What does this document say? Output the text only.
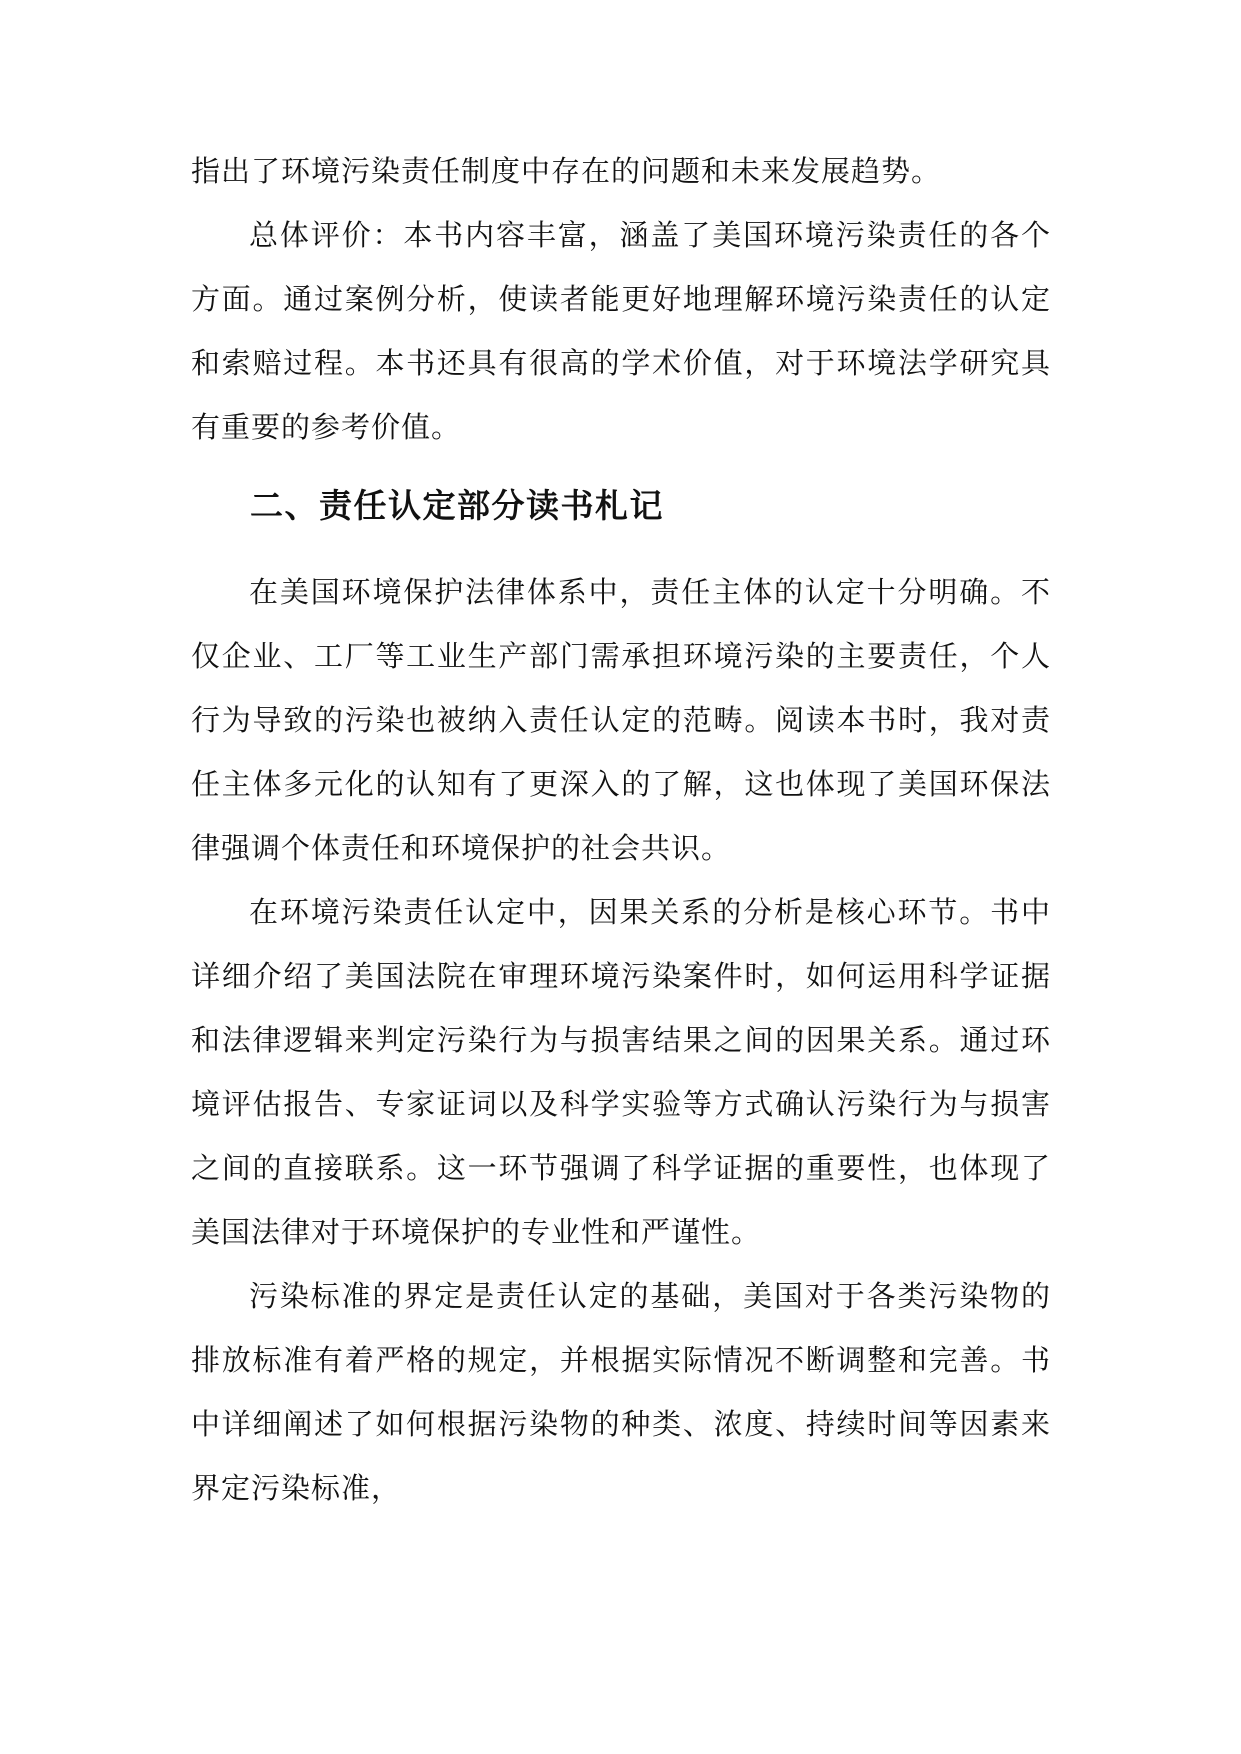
指出了环境污染责任制度中存在的问题和未来发展趋势。

总体评价：本书内容丰富，涵盖了美国环境污染责任的各个方面。通过案例分析，使读者能更好地理解环境污染责任的认定和索赔过程。本书还具有很高的学术价值，对于环境法学研究具有重要的参考价值。

二、责任认定部分读书札记

在美国环境保护法律体系中，责任主体的认定十分明确。不仅企业、工厂等工业生产部门需承担环境污染的主要责任，个人行为导致的污染也被纳入责任认定的范畴。阅读本书时，我对责任主体多元化的认知有了更深入的了解，这也体现了美国环保法律强调个体责任和环境保护的社会共识。

在环境污染责任认定中，因果关系的分析是核心环节。书中详细介绍了美国法院在审理环境污染案件时，如何运用科学证据和法律逻辑来判定污染行为与损害结果之间的因果关系。通过环境评估报告、专家证词以及科学实验等方式确认污染行为与损害之间的直接联系。这一环节强调了科学证据的重要性，也体现了美国法律对于环境保护的专业性和严谨性。

污染标准的界定是责任认定的基础，美国对于各类污染物的排放标准有着严格的规定，并根据实际情况不断调整和完善。书中详细阐述了如何根据污染物的种类、浓度、持续时间等因素来界定污染标准，
